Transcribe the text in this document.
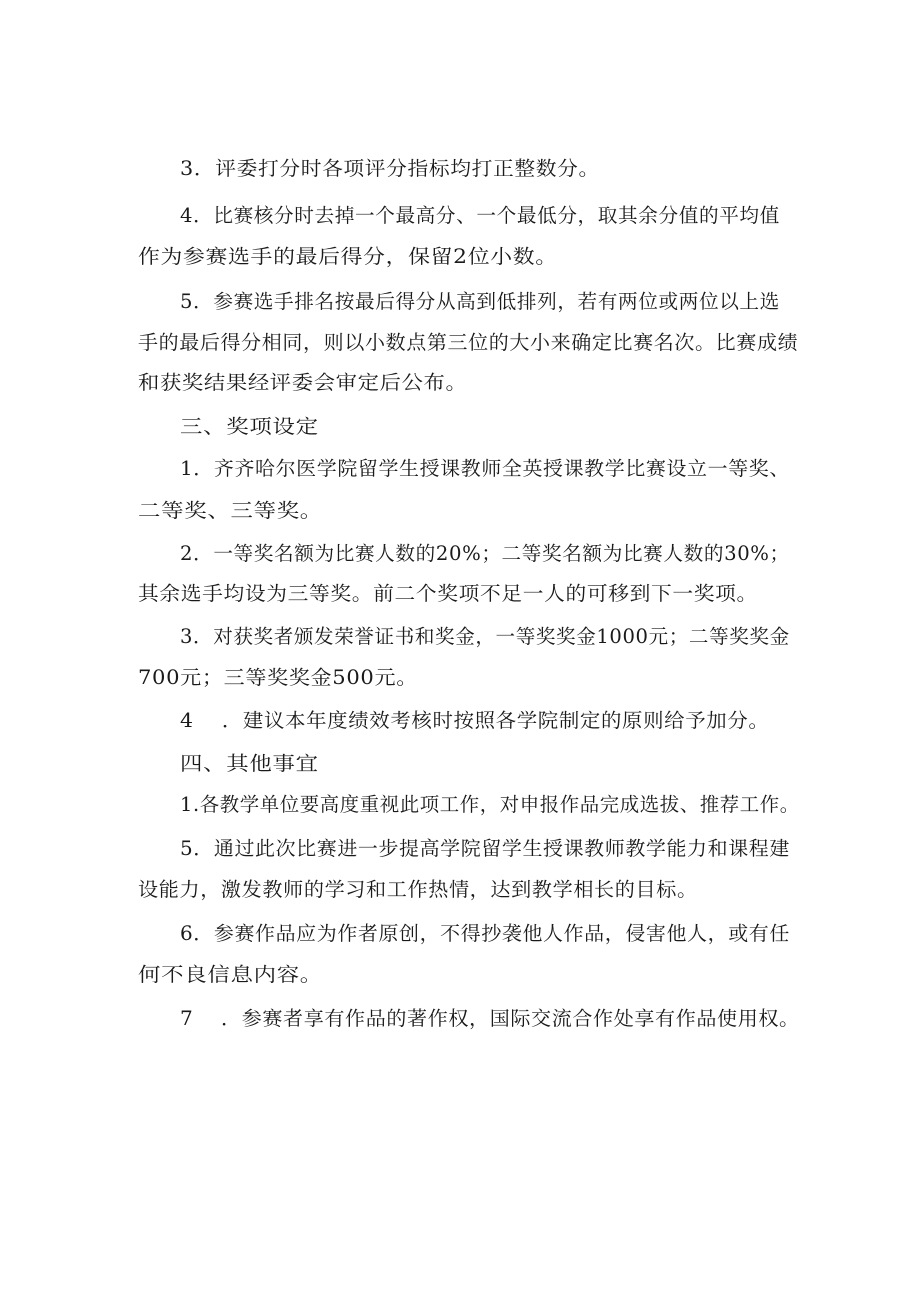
3．评委打分时各项评分指标均打正整数分。
4．比赛核分时去掉一个最高分、一个最低分，取其余分值的平均值
作为参赛选手的最后得分，保留2位小数。
5．参赛选手排名按最后得分从高到低排列，若有两位或两位以上选
手的最后得分相同，则以小数点第三位的大小来确定比赛名次。比赛成绩
和获奖结果经评委会审定后公布。
三、奖项设定
1．齐齐哈尔医学院留学生授课教师全英授课教学比赛设立一等奖、
二等奖、三等奖。
2．一等奖名额为比赛人数的20%；二等奖名额为比赛人数的30%；
其余选手均设为三等奖。前二个奖项不足一人的可移到下一奖项。
3．对获奖者颁发荣誉证书和奖金，一等奖奖金1000元；二等奖奖金
700元；三等奖奖金500元。
4　 ．建议本年度绩效考核时按照各学院制定的原则给予加分。
四、其他事宜
1.各教学单位要高度重视此项工作，对申报作品完成选拔、推荐工作。
5．通过此次比赛进一步提高学院留学生授课教师教学能力和课程建
设能力，激发教师的学习和工作热情，达到教学相长的目标。
6．参赛作品应为作者原创，不得抄袭他人作品，侵害他人，或有任
何不良信息内容。
7　 ．参赛者享有作品的著作权，国际交流合作处享有作品使用权。
